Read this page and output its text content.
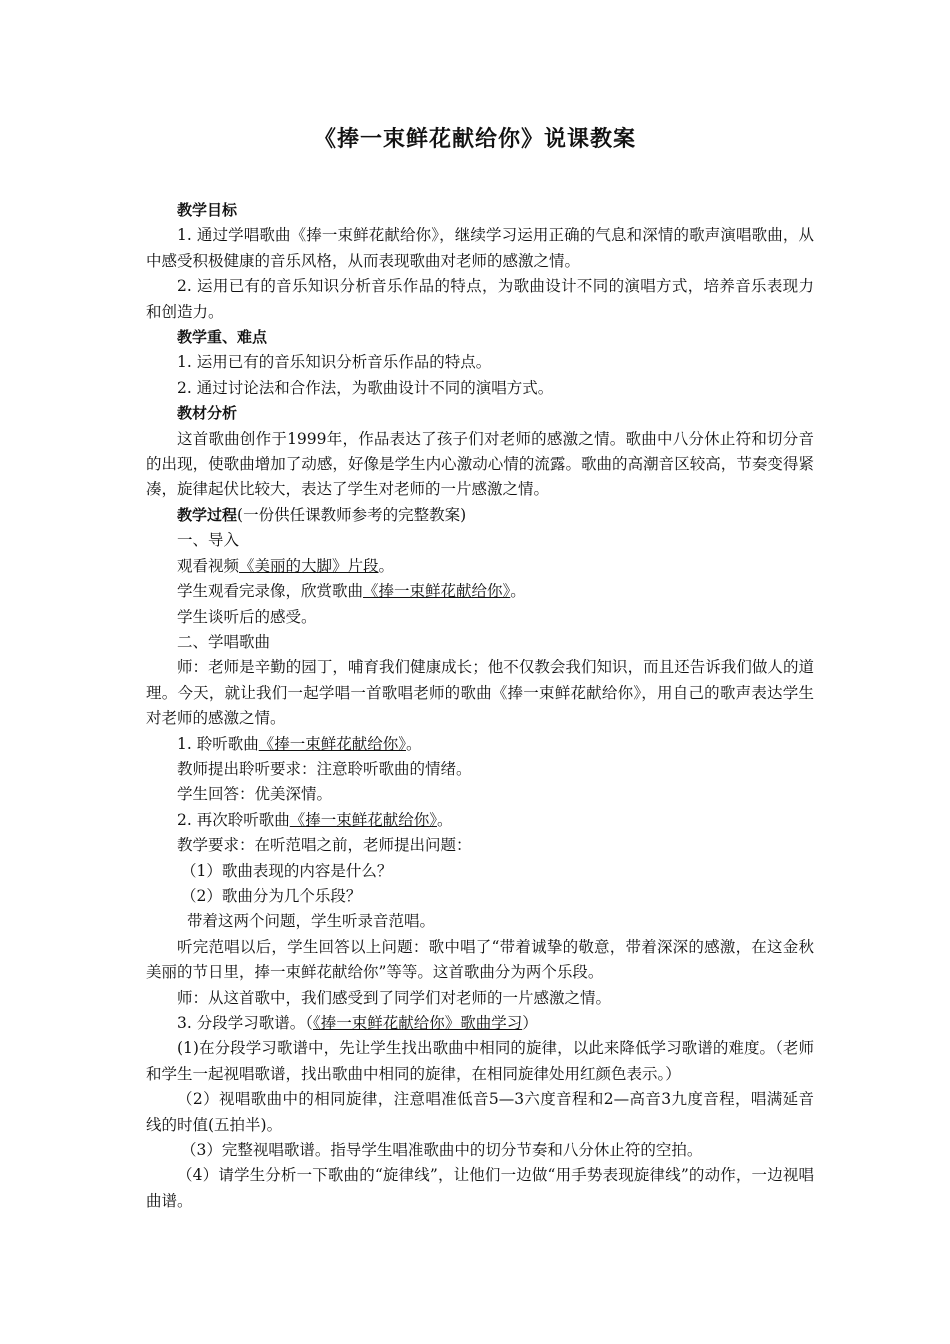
《捧一束鲜花献给你》说课教案

教学目标

1. 通过学唱歌曲《捧一束鲜花献给你》，继续学习运用正确的气息和深情的歌声演唱歌曲，从中感受积极健康的音乐风格，从而表现歌曲对老师的感激之情。

2. 运用已有的音乐知识分析音乐作品的特点，为歌曲设计不同的演唱方式，培养音乐表现力和创造力。

教学重、难点

1. 运用已有的音乐知识分析音乐作品的特点。

2. 通过讨论法和合作法，为歌曲设计不同的演唱方式。

教材分析

这首歌曲创作于1999年，作品表达了孩子们对老师的感激之情。歌曲中八分休止符和切分音的出现，使歌曲增加了动感，好像是学生内心激动心情的流露。歌曲的高潮音区较高，节奏变得紧凑，旋律起伏比较大，表达了学生对老师的一片感激之情。

教学过程(一份供任课教师参考的完整教案)

一、导入

观看视频《美丽的大脚》片段。

学生观看完录像，欣赏歌曲《捧一束鲜花献给你》。

学生谈听后的感受。

二、学唱歌曲

师：老师是辛勤的园丁，哺育我们健康成长；他不仅教会我们知识，而且还告诉我们做人的道理。今天，就让我们一起学唱一首歌唱老师的歌曲《捧一束鲜花献给你》，用自己的歌声表达学生对老师的感激之情。

1. 聆听歌曲《捧一束鲜花献给你》。

教师提出聆听要求：注意聆听歌曲的情绪。

学生回答：优美深情。

2. 再次聆听歌曲《捧一束鲜花献给你》。

教学要求：在听范唱之前，老师提出问题：

（1）歌曲表现的内容是什么？

（2）歌曲分为几个乐段？

带着这两个问题，学生听录音范唱。

听完范唱以后，学生回答以上问题：歌中唱了“带着诚挚的敬意，带着深深的感激，在这金秋美丽的节日里，捧一束鲜花献给你”等等。这首歌曲分为两个乐段。

师：从这首歌中，我们感受到了同学们对老师的一片感激之情。

3. 分段学习歌谱。（《捧一束鲜花献给你》歌曲学习）

(1)在分段学习歌谱中，先让学生找出歌曲中相同的旋律，以此来降低学习歌谱的难度。（老师和学生一起视唱歌谱，找出歌曲中相同的旋律，在相同旋律处用红颜色表示。）

（2）视唱歌曲中的相同旋律，注意唱准低音5—3六度音程和2—高音3九度音程，唱满延音线的时值(五拍半)。

（3）完整视唱歌谱。指导学生唱准歌曲中的切分节奏和八分休止符的空拍。

（4）请学生分析一下歌曲的“旋律线”，让他们一边做“用手势表现旋律线”的动作，一边视唱曲谱。
